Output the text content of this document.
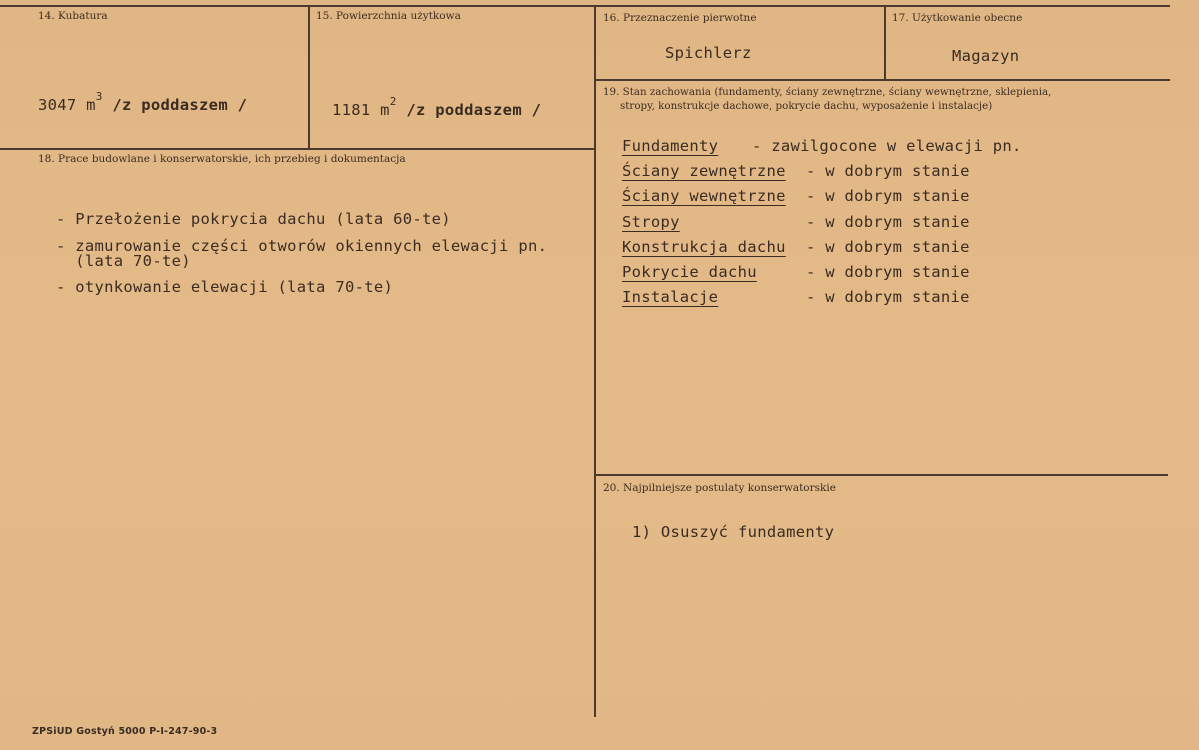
14. Kubatura
3047 $m^3$ /z poddaszem /
15. Powierzchnia użytkowa
1181 $m^2$ /z poddaszem /
16. Przeznaczenie pierwotne
Spichlerz
17. Użytkowanie obecne
Magazyn
18. Prace budowlane i konserwatorskie, ich przebieg i dokumentacja
- Przełożenie pokrycia dachu (lata 60-te)
- zamurowanie części otworów okiennych elewacji pn.
(lata 70-te)
- otynkowanie elewacji (lata 70-te)
19. Stan zachowania (fundamenty, ściany zewnętrzne, ściany wewnętrzne, sklepienia,
stropy, konstrukcje dachowe, pokrycie dachu, wyposażenie i instalacje)
Fundamenty - zawilgocone w elewacji pn.
Ściany zewnętrzne - w dobrym stanie
Ściany wewnętrzne - w dobrym stanie
Stropy	- w dobrym stanie
Konstrukcja dachu - w dobrym stanie
Pokrycie dachu	- w dobrym stanie
Instalacje	- w dobrym stanie
20. Najpilniejsze postulaty konserwatorskie
1) Osuszyć fundamenty
ZPSiUD Gostyń 5000 P-I-247-90-3
